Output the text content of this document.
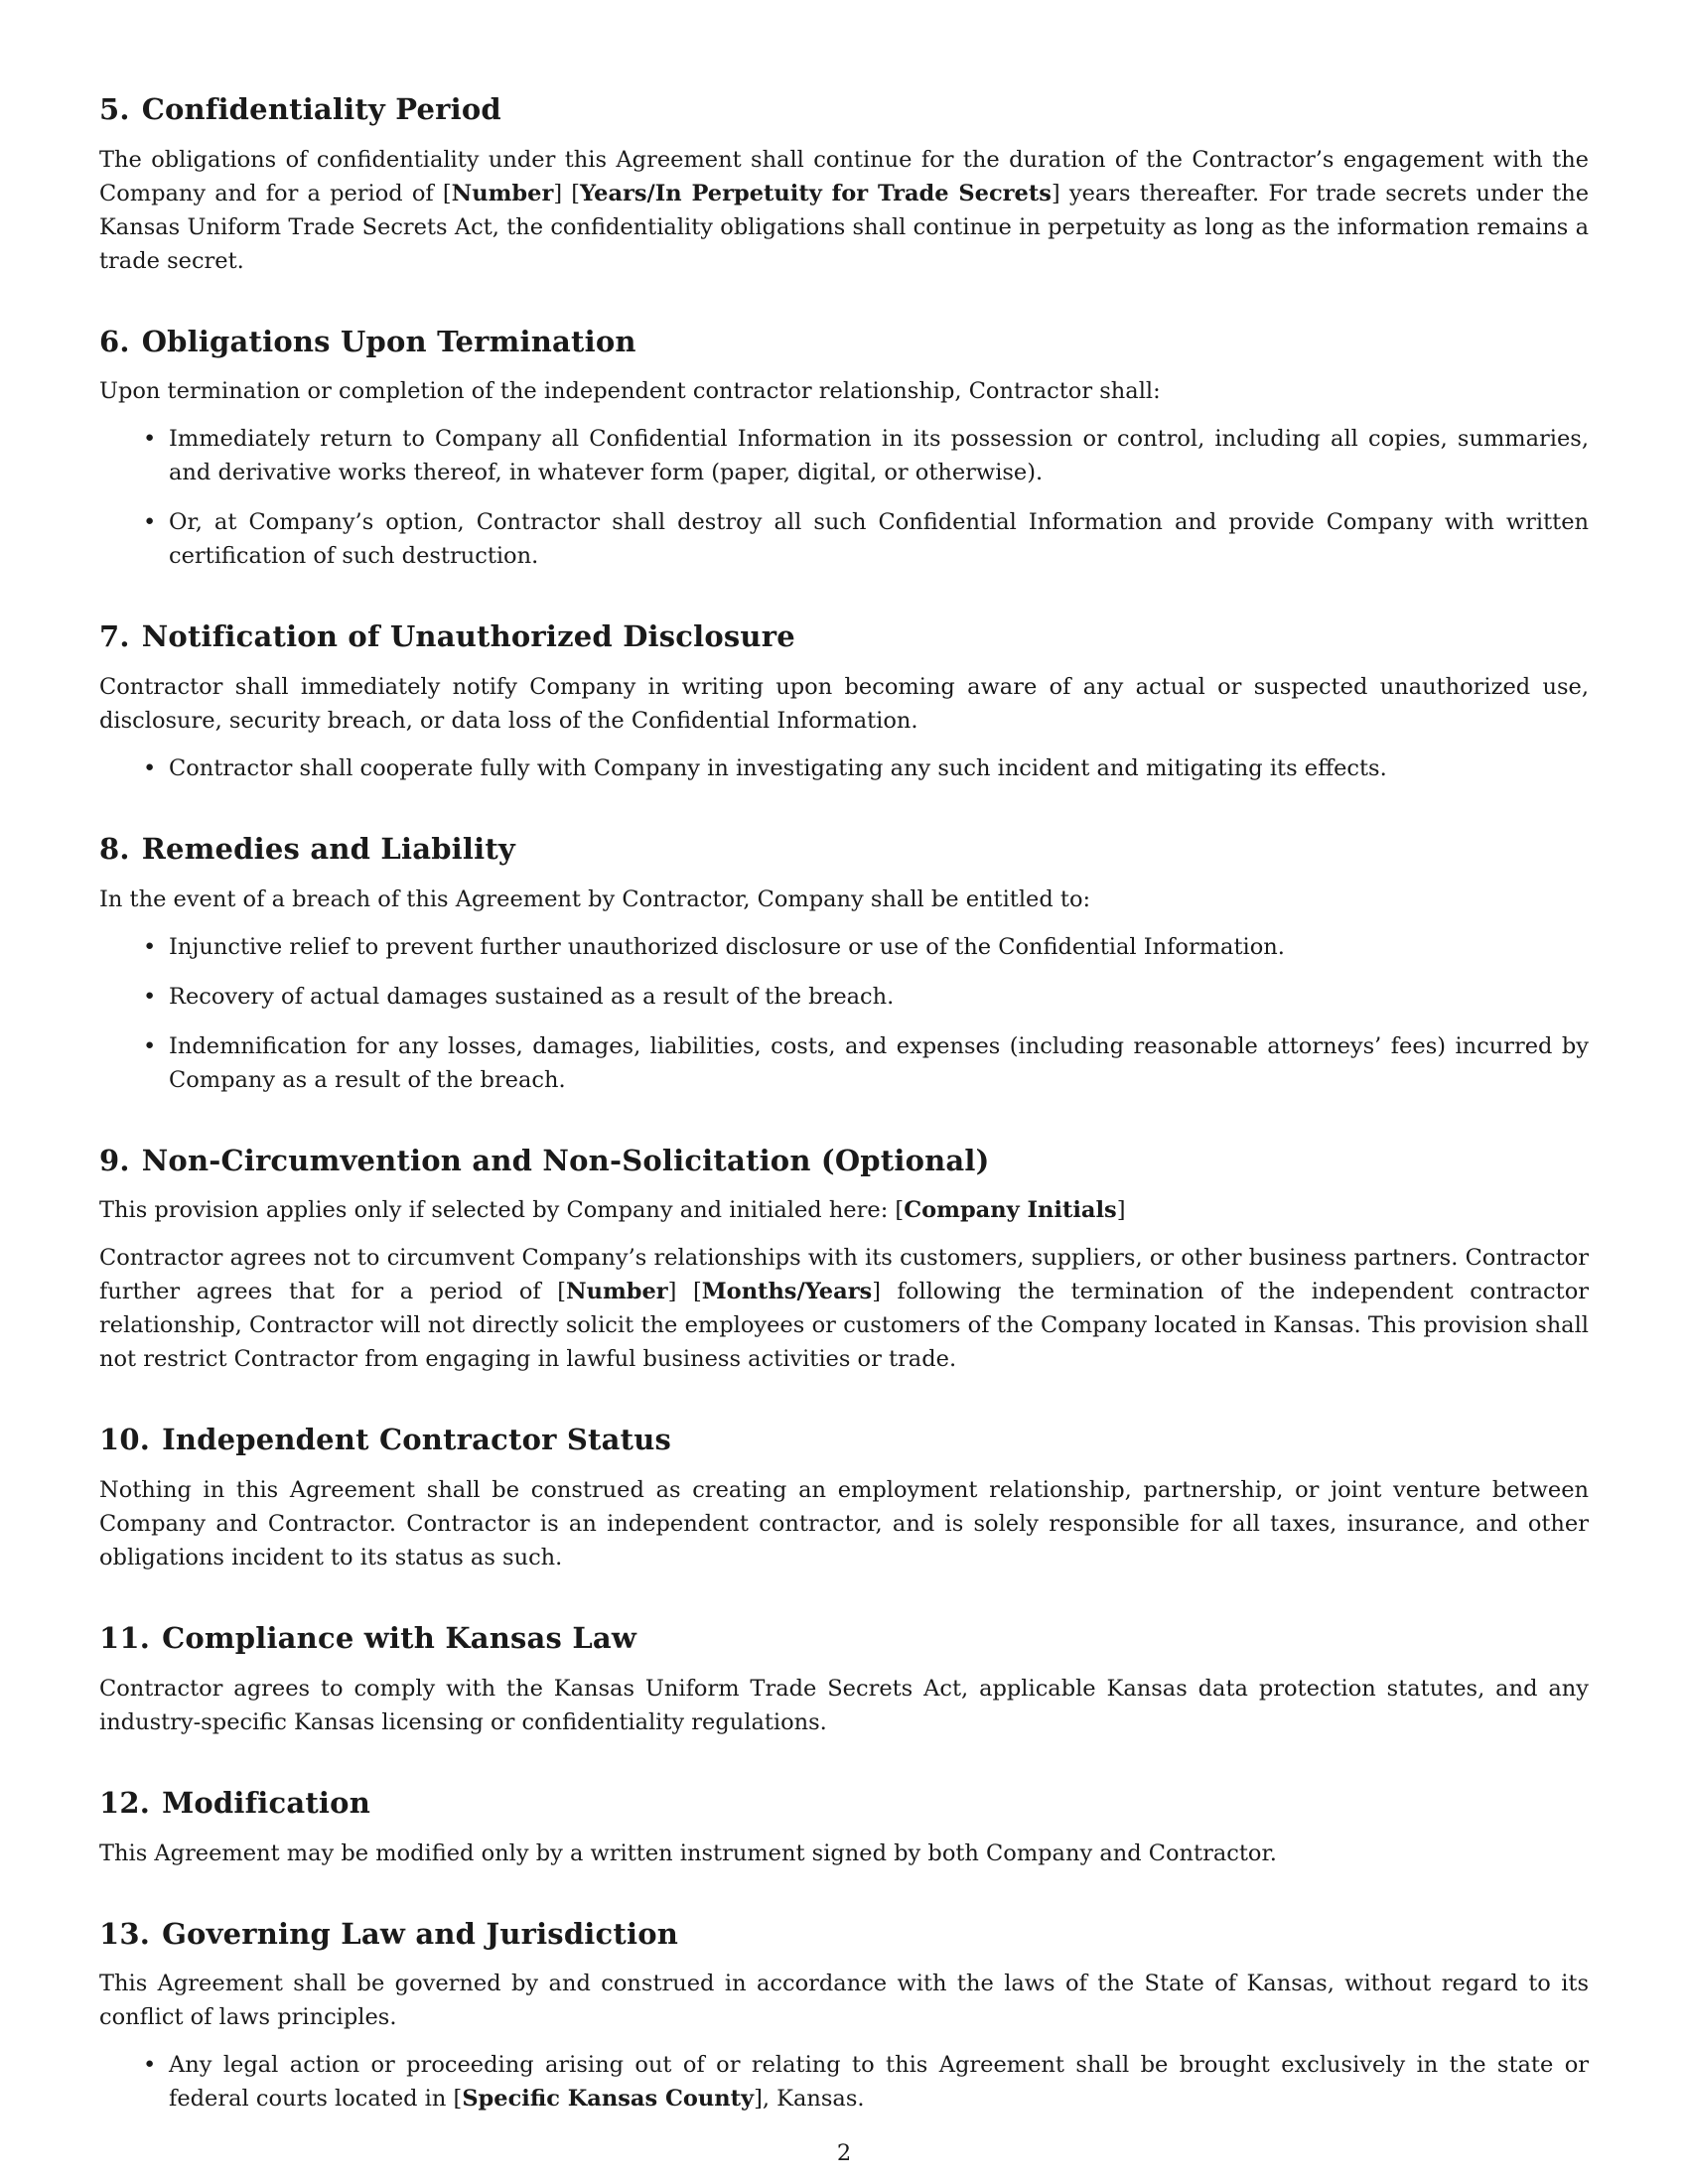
5. Confidentiality Period

The obligations of confidentiality under this Agreement shall continue for the duration of the Contractor’s engagement with the Company and for a period of [Number] [Years/In Perpetuity for Trade Secrets] years thereafter. For trade secrets under the Kansas Uniform Trade Secrets Act, the confidentiality obligations shall continue in perpetuity as long as the information remains a trade secret.

6. Obligations Upon Termination

Upon termination or completion of the independent contractor relationship, Contractor shall:

• Immediately return to Company all Confidential Information in its possession or control, including all copies, summaries, and derivative works thereof, in whatever form (paper, digital, or otherwise).
• Or, at Company’s option, Contractor shall destroy all such Confidential Information and provide Company with written certification of such destruction.
7. Notification of Unauthorized Disclosure

Contractor shall immediately notify Company in writing upon becoming aware of any actual or suspected unauthorized use, disclosure, security breach, or data loss of the Confidential Information.

• Contractor shall cooperate fully with Company in investigating any such incident and mitigating its effects.
8. Remedies and Liability

In the event of a breach of this Agreement by Contractor, Company shall be entitled to:

• Injunctive relief to prevent further unauthorized disclosure or use of the Confidential Information.
• Recovery of actual damages sustained as a result of the breach.
• Indemnification for any losses, damages, liabilities, costs, and expenses (including reasonable attorneys’ fees) incurred by Company as a result of the breach.
9. Non-Circumvention and Non-Solicitation (Optional)

This provision applies only if selected by Company and initialed here: [Company Initials]

Contractor agrees not to circumvent Company’s relationships with its customers, suppliers, or other business partners. Contractor further agrees that for a period of [Number] [Months/Years] following the termination of the independent contractor relationship, Contractor will not directly solicit the employees or customers of the Company located in Kansas. This provision shall not restrict Contractor from engaging in lawful business activities or trade.

10. Independent Contractor Status

Nothing in this Agreement shall be construed as creating an employment relationship, partnership, or joint venture between Company and Contractor. Contractor is an independent contractor, and is solely responsible for all taxes, insurance, and other obligations incident to its status as such.

11. Compliance with Kansas Law

Contractor agrees to comply with the Kansas Uniform Trade Secrets Act, applicable Kansas data protection statutes, and any industry-specific Kansas licensing or confidentiality regulations.

12. Modification

This Agreement may be modified only by a written instrument signed by both Company and Contractor.

13. Governing Law and Jurisdiction

This Agreement shall be governed by and construed in accordance with the laws of the State of Kansas, without regard to its conflict of laws principles.

• Any legal action or proceeding arising out of or relating to this Agreement shall be brought exclusively in the state or federal courts located in [Specific Kansas County], Kansas.
2
